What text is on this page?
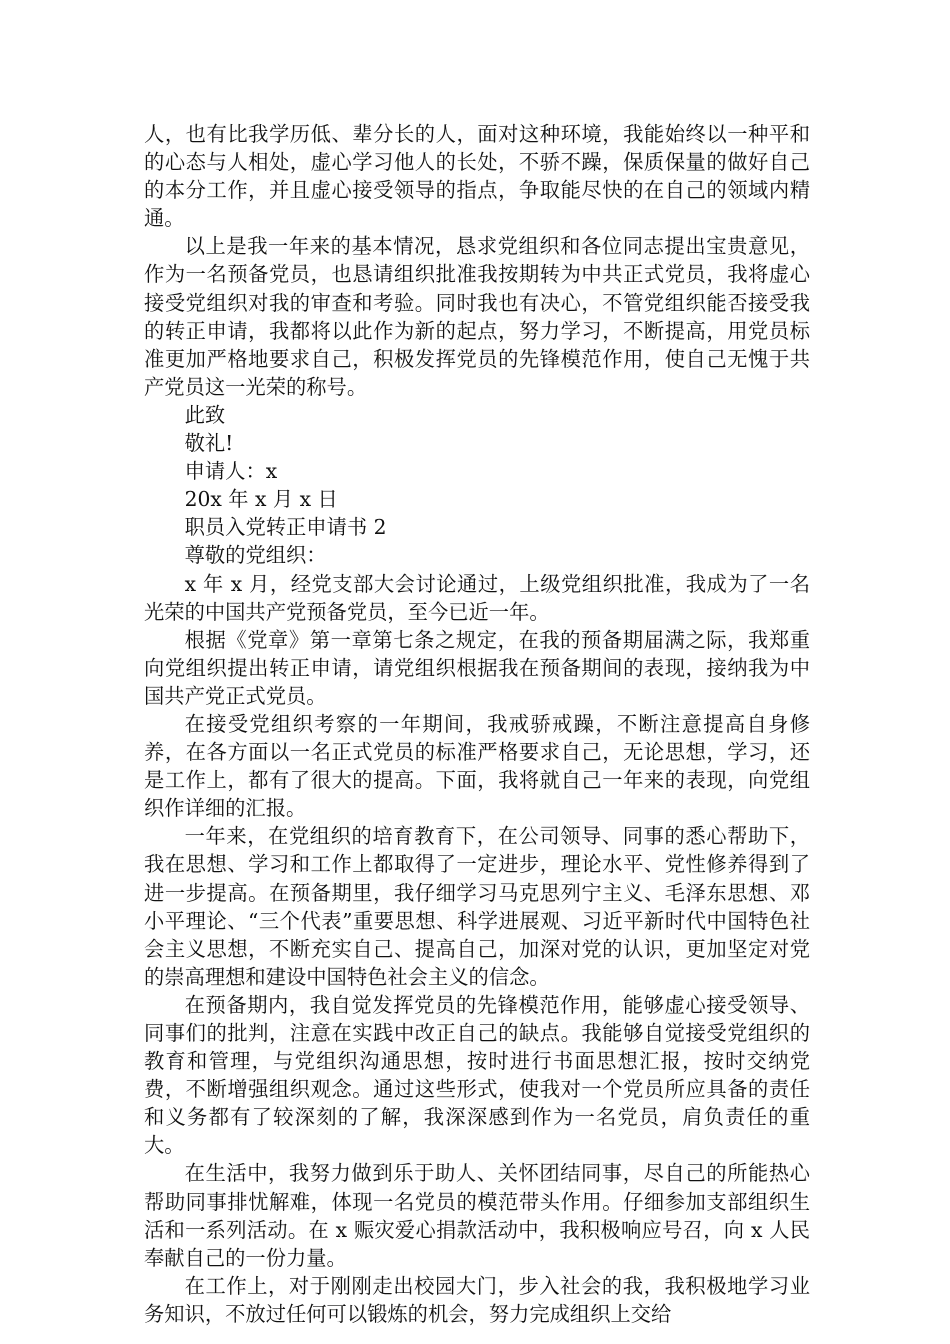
人，也有比我学历低、辈分长的人，面对这种环境，我能始终以一种平和的心态与人相处，虚心学习他人的长处，不骄不躁，保质保量的做好自己的本分工作，并且虚心接受领导的指点，争取能尽快的在自己的领域内精通。

以上是我一年来的基本情况，恳求党组织和各位同志提出宝贵意见，作为一名预备党员，也恳请组织批准我按期转为中共正式党员，我将虚心接受党组织对我的审查和考验。同时我也有决心，不管党组织能否接受我的转正申请，我都将以此作为新的起点，努力学习，不断提高，用党员标准更加严格地要求自己，积极发挥党员的先锋模范作用，使自己无愧于共产党员这一光荣的称号。

此致

敬礼!

申请人：x

20x 年 x 月 x 日

职员入党转正申请书 2

尊敬的党组织：

x 年 x 月，经党支部大会讨论通过，上级党组织批准，我成为了一名光荣的中国共产党预备党员，至今已近一年。

根据《党章》第一章第七条之规定，在我的预备期届满之际，我郑重向党组织提出转正申请，请党组织根据我在预备期间的表现，接纳我为中国共产党正式党员。

在接受党组织考察的一年期间，我戒骄戒躁，不断注意提高自身修养，在各方面以一名正式党员的标准严格要求自己，无论思想，学习，还是工作上，都有了很大的提高。下面，我将就自己一年来的表现，向党组织作详细的汇报。

一年来，在党组织的培育教育下，在公司领导、同事的悉心帮助下，我在思想、学习和工作上都取得了一定进步，理论水平、党性修养得到了进一步提高。在预备期里，我仔细学习马克思列宁主义、毛泽东思想、邓小平理论、“三个代表”重要思想、科学进展观、习近平新时代中国特色社会主义思想，不断充实自己、提高自己，加深对党的认识，更加坚定对党的崇高理想和建设中国特色社会主义的信念。

在预备期内，我自觉发挥党员的先锋模范作用，能够虚心接受领导、同事们的批判，注意在实践中改正自己的缺点。我能够自觉接受党组织的教育和管理，与党组织沟通思想，按时进行书面思想汇报，按时交纳党费，不断增强组织观念。通过这些形式，使我对一个党员所应具备的责任和义务都有了较深刻的了解，我深深感到作为一名党员，肩负责任的重大。

在生活中，我努力做到乐于助人、关怀团结同事，尽自己的所能热心帮助同事排忧解难，体现一名党员的模范带头作用。仔细参加支部组织生活和一系列活动。在 x 赈灾爱心捐款活动中，我积极响应号召，向 x 人民奉献自己的一份力量。

在工作上，对于刚刚走出校园大门，步入社会的我，我积极地学习业务知识，不放过任何可以锻炼的机会，努力完成组织上交给
